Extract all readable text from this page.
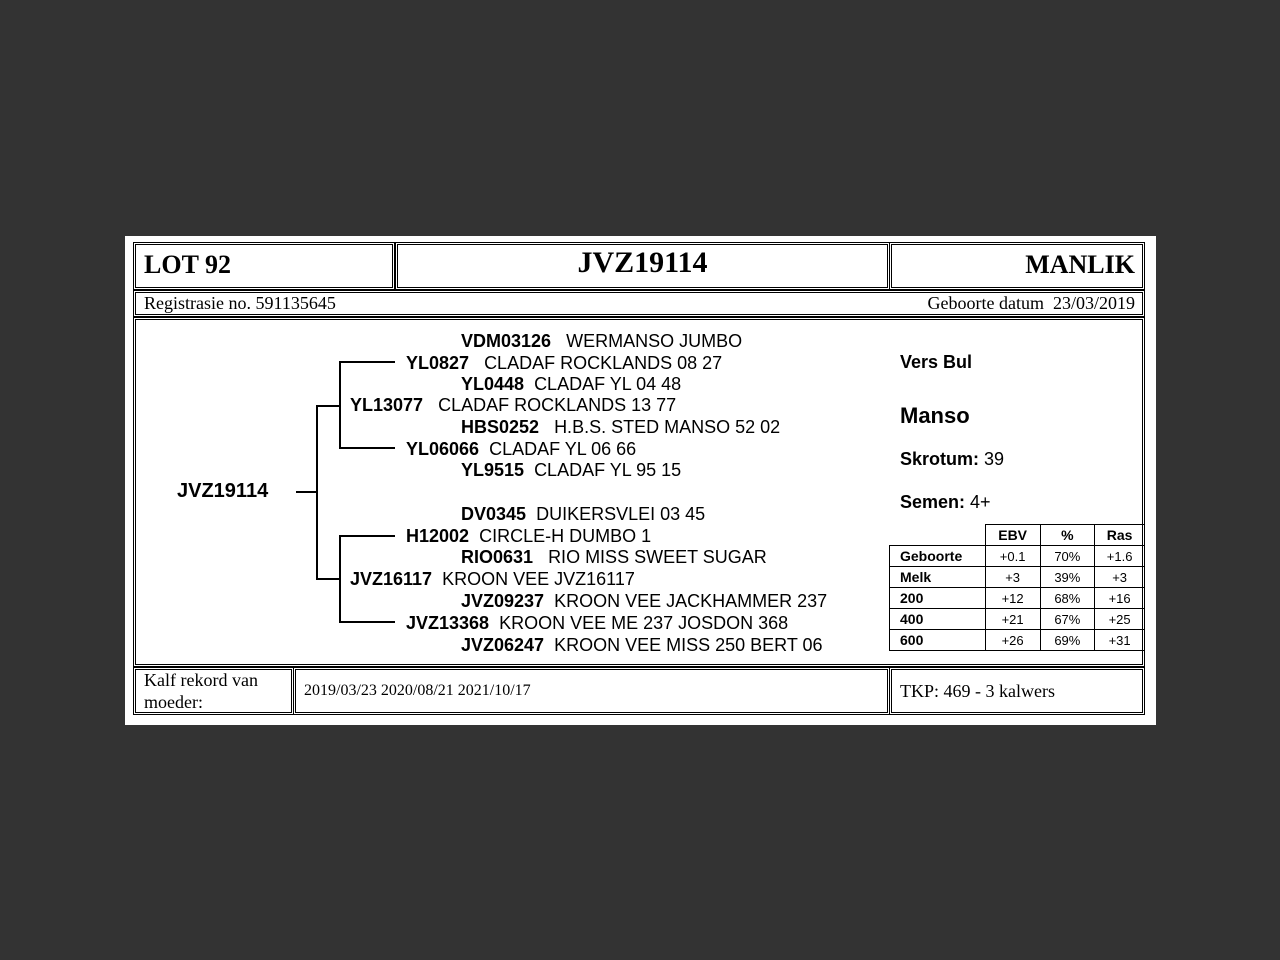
LOT 92	JVZ19114	MANLIK
Registrasie no. 591135645	Geboorte datum 23/03/2019
JVZ19114
VDM03126 WERMANSO JUMBO
YL0827 CLADAF ROCKLANDS 08 27
YL0448 CLADAF YL 04 48
YL13077 CLADAF ROCKLANDS 13 77
HBS0252 H.B.S. STED MANSO 52 02
YL06066 CLADAF YL 06 66
YL9515 CLADAF YL 95 15
DV0345 DUIKERSVLEI 03 45
H12002 CIRCLE-H DUMBO 1
RIO0631 RIO MISS SWEET SUGAR
JVZ16117 KROON VEE JVZ16117
JVZ09237 KROON VEE JACKHAMMER 237
JVZ13368 KROON VEE ME 237 JOSDON 368
JVZ06247 KROON VEE MISS 250 BERT 06
Vers Bul
Manso
Skrotum: 39
Semen: 4+
	EBV	%	Ras
Geboorte	+0.1	70%	+1.6
Melk	+3	39%	+3
200	+12	68%	+16
400	+21	67%	+25
600	+26	69%	+31
Kalf rekord van
moeder:
2019/03/23 2020/08/21 2021/10/17	TKP: 469 - 3 kalwers
